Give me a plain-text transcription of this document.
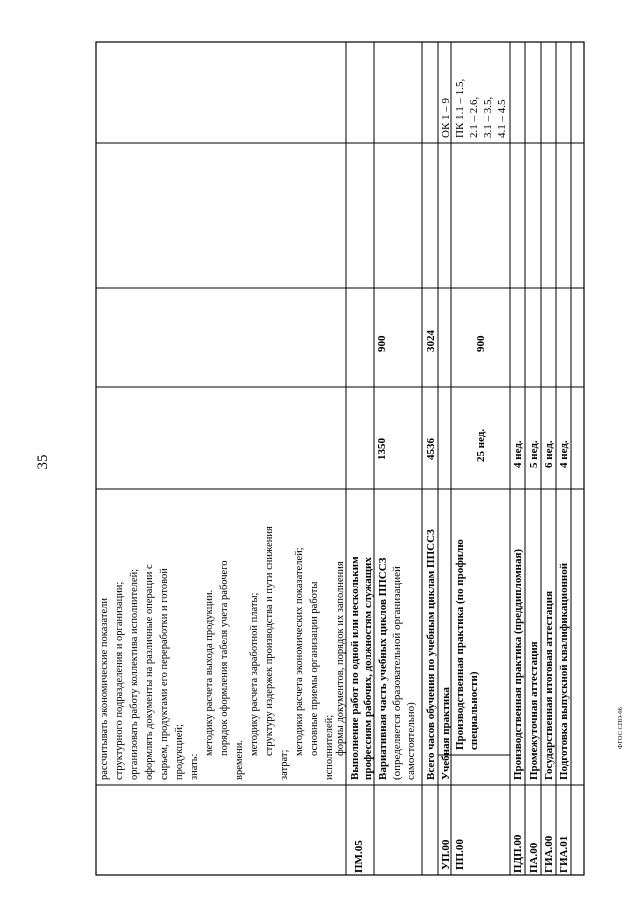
35
ФГОС СПО-06
рассчитывать экономические показатели структурного подразделения и организации; организовать работу коллектива исполнителей; оформлять документы на различные операции с сырьем, продуктами его переработки и готовой продукцией; знать:
методику расчета выхода продукции. порядок оформления табеля учета рабочего
времени.
методику расчета заработной платы; структуру издержек производства и пути снижения
затрат;
методики расчета экономических показателей; основные приемы организации работы исполнителей; формы документов, порядок их заполнения
ПМ.05
Выполнение работ по одной или нескольким профессиям рабочих, должностям служащих Вариативная часть учебных циклов ППССЗ (определяется образовательной организацией самостоятельно)
1350
900
Всего часов обучения по учебным циклам ППССЗ
4536
3024
УП.00
Учебная практика
ОК 1 – 9
ПП.00
Производственная практика (по профилю специальности)
25 нед.
900
ПК 1.1 – 1.5, 2.1 – 2.6, 3.1 – 3.5, 4.1 – 4.5
ПДП.00
Производственная практика (преддипломная)
4 нед.
ПА.00
Промежуточная аттестация
5 нед.
ГИА.00
Государственная итоговая аттестация
6 нед.
ГИА.01
Подготовка выпускной квалификационной
4 нед.
